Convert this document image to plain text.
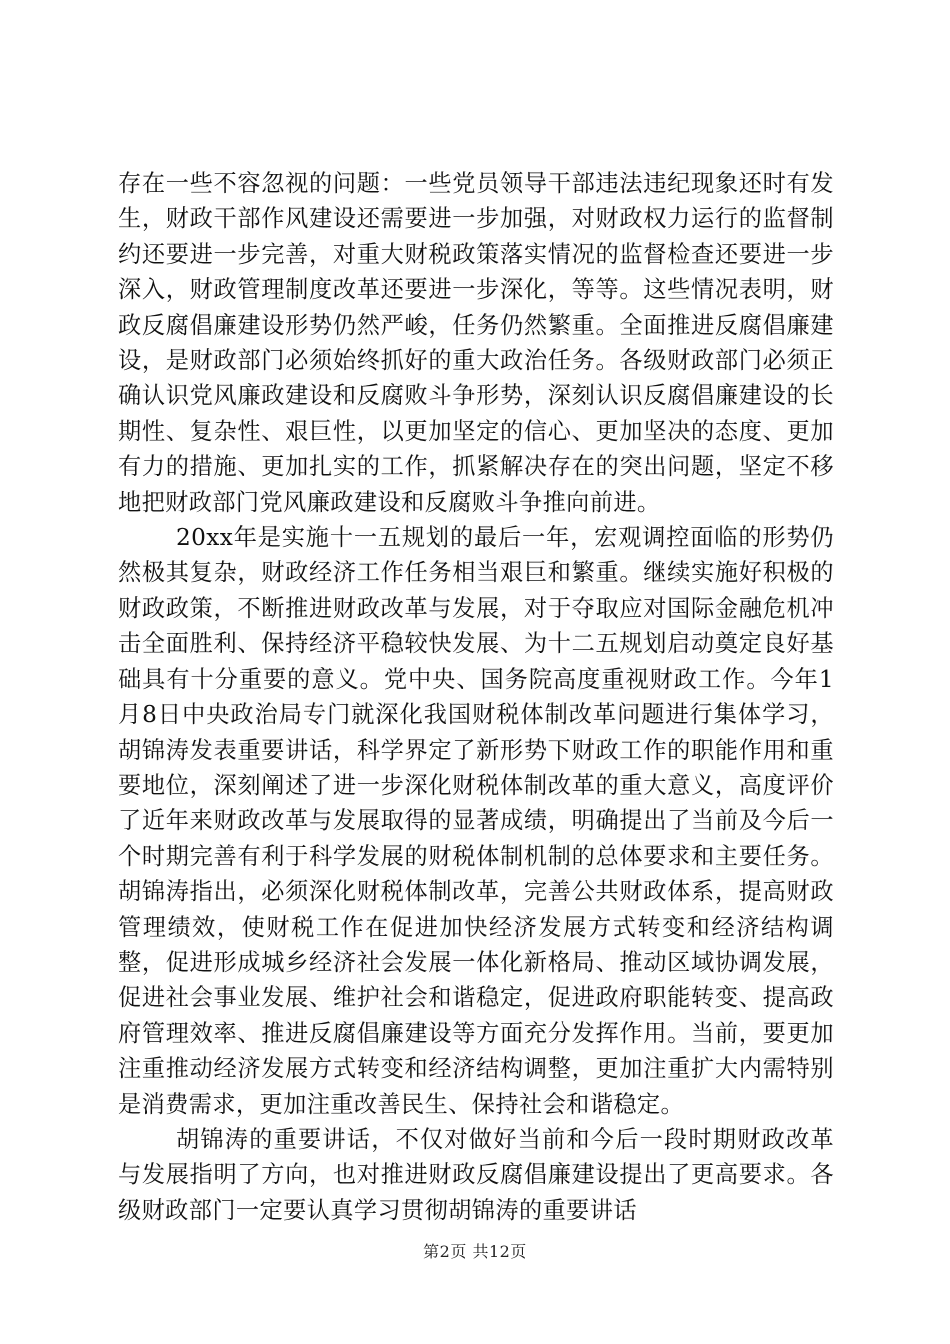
存在一些不容忽视的问题：一些党员领导干部违法违纪现象还时有发生，财政干部作风建设还需要进一步加强，对财政权力运行的监督制约还要进一步完善，对重大财税政策落实情况的监督检查还要进一步深入，财政管理制度改革还要进一步深化，等等。这些情况表明，财政反腐倡廉建设形势仍然严峻，任务仍然繁重。全面推进反腐倡廉建设，是财政部门必须始终抓好的重大政治任务。各级财政部门必须正确认识党风廉政建设和反腐败斗争形势，深刻认识反腐倡廉建设的长期性、复杂性、艰巨性，以更加坚定的信心、更加坚决的态度、更加有力的措施、更加扎实的工作，抓紧解决存在的突出问题，坚定不移地把财政部门党风廉政建设和反腐败斗争推向前进。

20xx年是实施十一五规划的最后一年，宏观调控面临的形势仍然极其复杂，财政经济工作任务相当艰巨和繁重。继续实施好积极的财政政策，不断推进财政改革与发展，对于夺取应对国际金融危机冲击全面胜利、保持经济平稳较快发展、为十二五规划启动奠定良好基础具有十分重要的意义。党中央、国务院高度重视财政工作。今年1月8日中央政治局专门就深化我国财税体制改革问题进行集体学习，胡锦涛发表重要讲话，科学界定了新形势下财政工作的职能作用和重要地位，深刻阐述了进一步深化财税体制改革的重大意义，高度评价了近年来财政改革与发展取得的显著成绩，明确提出了当前及今后一个时期完善有利于科学发展的财税体制机制的总体要求和主要任务。胡锦涛指出，必须深化财税体制改革，完善公共财政体系，提高财政管理绩效，使财税工作在促进加快经济发展方式转变和经济结构调整，促进形成城乡经济社会发展一体化新格局、推动区域协调发展，促进社会事业发展、维护社会和谐稳定，促进政府职能转变、提高政府管理效率、推进反腐倡廉建设等方面充分发挥作用。当前，要更加注重推动经济发展方式转变和经济结构调整，更加注重扩大内需特别是消费需求，更加注重改善民生、保持社会和谐稳定。

胡锦涛的重要讲话，不仅对做好当前和今后一段时期财政改革与发展指明了方向，也对推进财政反腐倡廉建设提出了更高要求。各级财政部门一定要认真学习贯彻胡锦涛的重要讲话

第2页 共12页
